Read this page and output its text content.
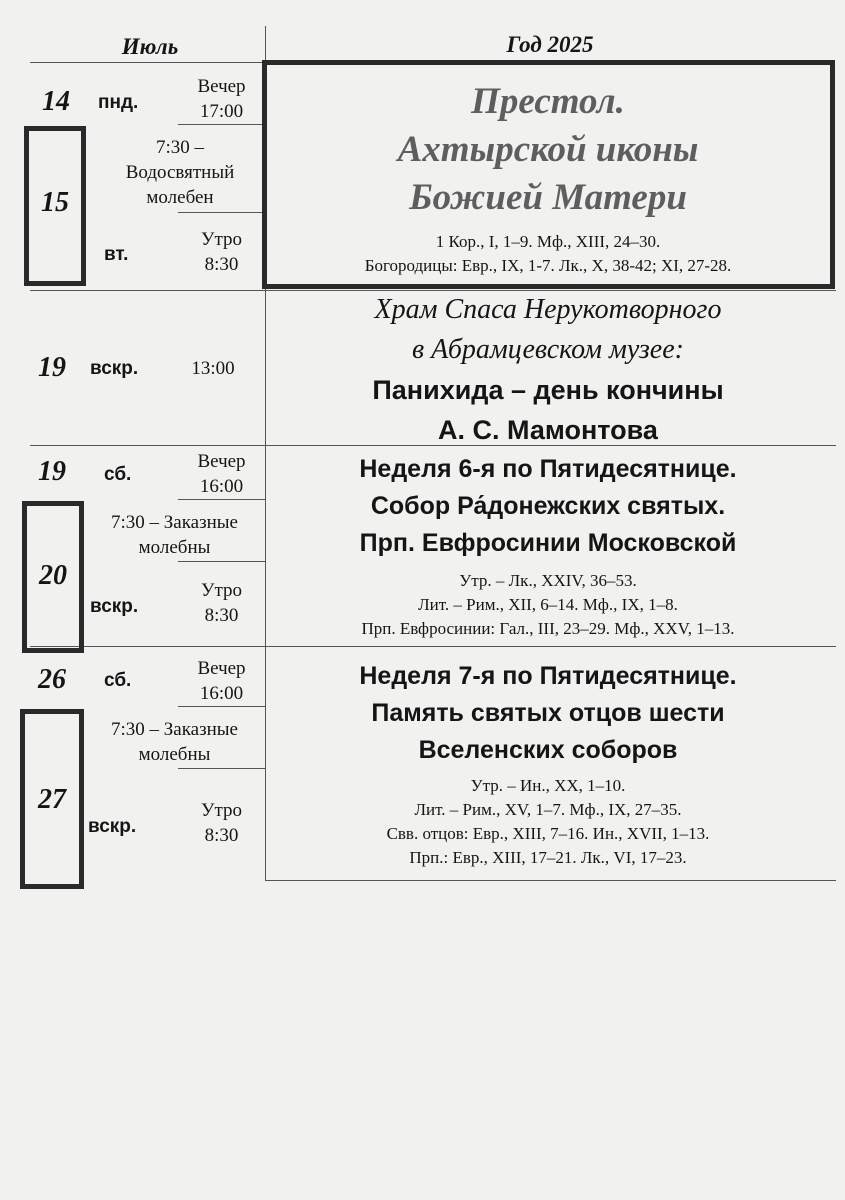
Июль	Год 2025
14 пнд.
Вечер
17:00
7:30 –
Водосвятный
молебен
15
вт.
Утро
8:30
Престол.
Ахтырской иконы
Божией Матери
1 Кор., I, 1–9. Мф., XIII, 24–30.
Богородицы: Евр., IX, 1-7. Лк., X, 38-42; XI, 27-28.
19 вскр.	13:00
Храм Спаса Нерукотворного
в Абрамцевском музее:
Панихида – день кончины
А. С. Мамонтова
19 сб.
Вечер
16:00
7:30 – Заказные
молебны
20
вскр.
Утро
8:30
Неделя 6-я по Пятидесятнице.
Собор Ра́донежских святых.
Прп. Евфросинии Московской
Утр. – Лк., XXIV, 36–53.
Лит. – Рим., XII, 6–14. Мф., IX, 1–8.
Прп. Евфросинии: Гал., III, 23–29. Мф., XXV, 1–13.
26 сб.
Вечер
16:00
7:30 – Заказные
молебны
27
вскр.
Утро
8:30
Неделя 7-я по Пятидесятнице.
Память святых отцов шести
Вселенских соборов
Утр. – Ин., XX, 1–10.
Лит. – Рим., XV, 1–7. Мф., IX, 27–35.
Свв. отцов: Евр., XIII, 7–16. Ин., XVII, 1–13.
Прп.: Евр., XIII, 17–21. Лк., VI, 17–23.
